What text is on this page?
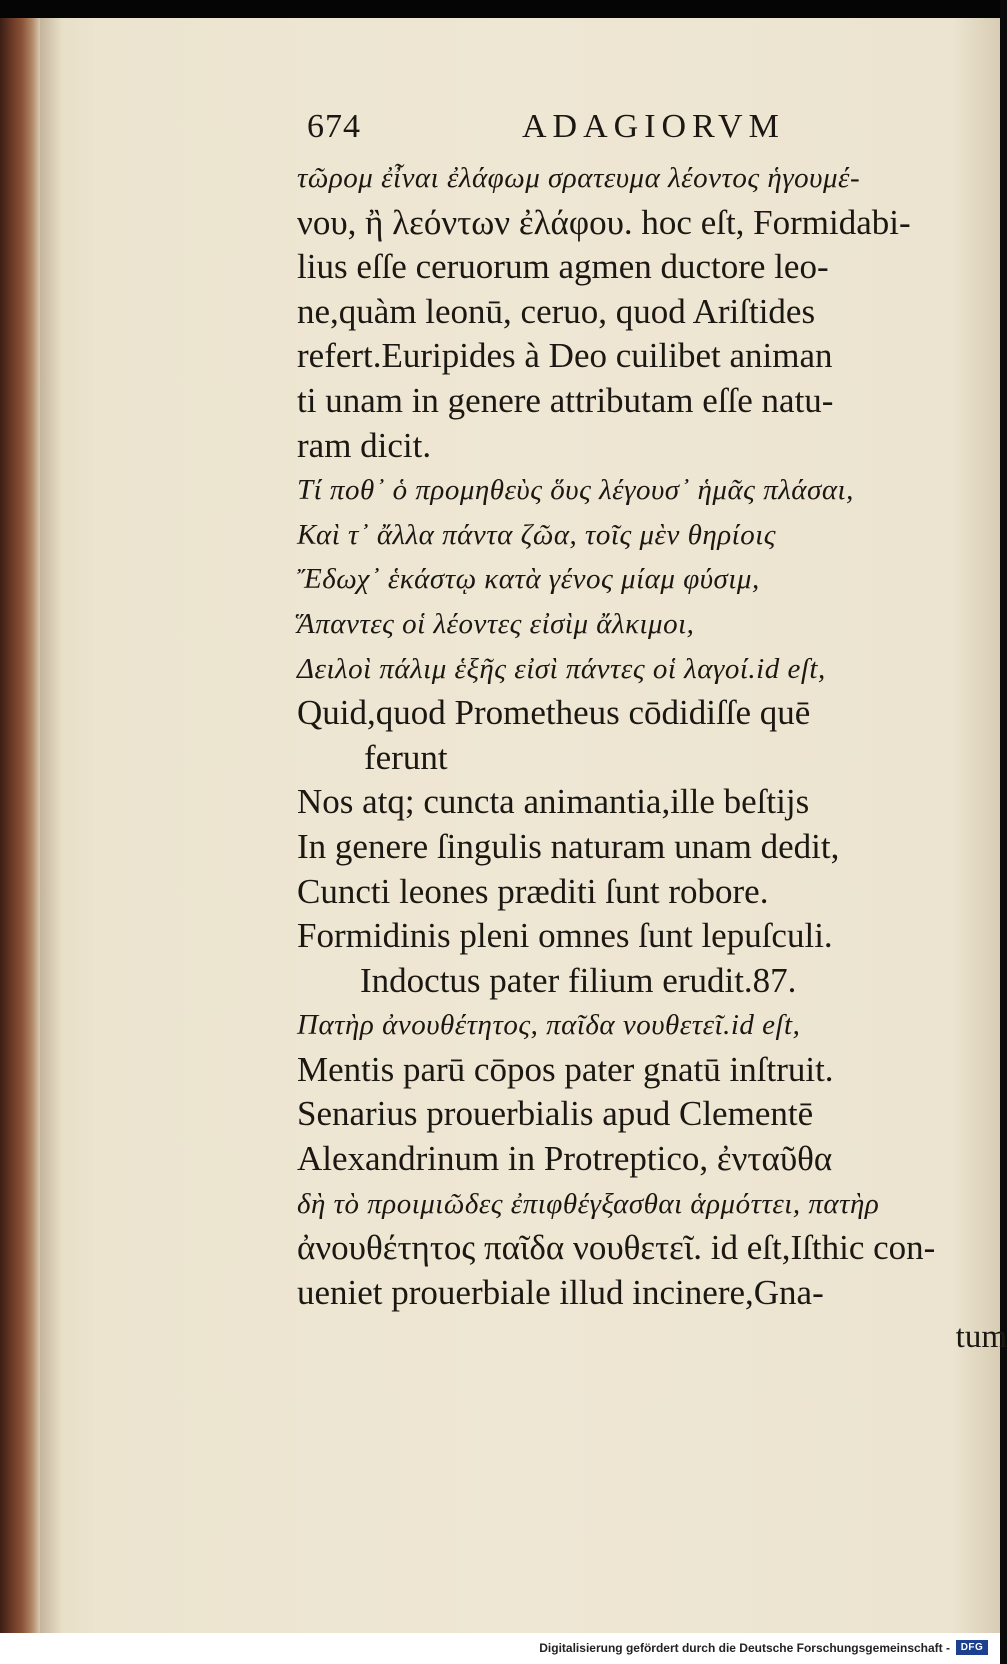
674	ADAGIORVM
τῶρομ ἐἶναι ἐλάφωμ σρατευμα λέοντος ἡγουμέ-
νου, ἢ λεόντων ἐλάφου. hoc eſt, Formidabi-
lius eſſe ceruorum agmen ductore leo-
ne,quàm leonū, ceruo, quod Ariſtides
refert.Euripides à Deo cuilibet animan
ti unam in genere attributam eſſe natu-
ram dicit.
Τί ποθ᾽ ὁ προμηθεὺς ὅυς λέγουσ᾽ ἡμᾶς πλάσαι,
Καὶ τ᾽ ἄλλα πάντα ζῶα, τοῖς μὲν θηρίοις
Ἔδωχ᾽ ἑκάστῳ κατὰ γένος μίαμ φύσιμ,
Ἅπαντες οἱ λέοντες εἰσὶμ ἄλκιμοι,
Δειλοὶ πάλιμ ἑξῆς εἰσὶ πάντες οἱ λαγοί.id eſt,
Quid,quod Prometheus cōdidiſſe quē
ferunt
Nos atq; cuncta animantia,ille beſtijs
In genere ſingulis naturam unam dedit,
Cuncti leones præditi ſunt robore.
Formidinis pleni omnes ſunt lepuſculi.
Indoctus pater filium erudit.87.
Πατὴρ ἀνουθέτητος, παῖδα νουθετεῖ.id eſt,
Mentis parū cōpos pater gnatū inſtruit.
Senarius prouerbialis apud Clementē
Alexandrinum in Protreptico, ἐνταῦθα
δὴ τὸ προιμιῶδες ἐπιφθέγξασθαι ἁρμόττει, πατὴρ
ἀνουθέτητος παῖδα νουθετεῖ. id eſt,Iſthic con-
ueniet prouerbiale illud incinere,Gna-
tum
Digitalisierung gefördert durch die Deutsche Forschungsgemeinschaft -	DFG
